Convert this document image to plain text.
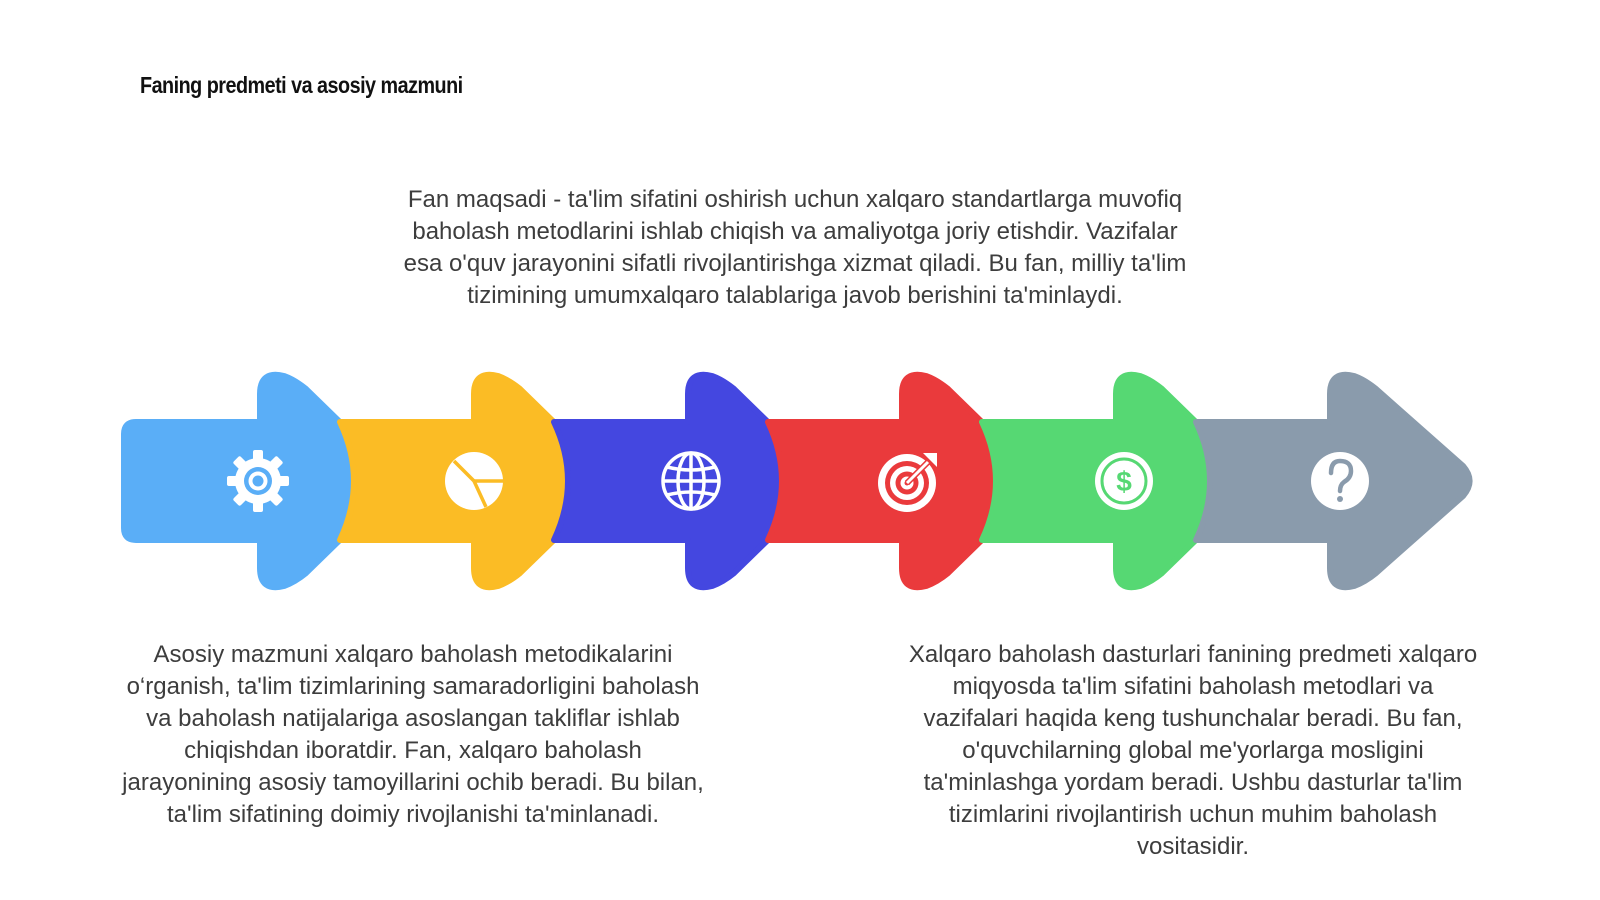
Faning predmeti va asosiy mazmuni

Fan maqsadi - ta'lim sifatini oshirish uchun xalqaro standartlarga muvofiq baholash metodlarini ishlab chiqish va amaliyotga joriy etishdir. Vazifalar esa o'quv jarayonini sifatli rivojlantirishga xizmat qiladi. Bu fan, milliy ta'lim tizimining umumxalqaro talablariga javob berishini ta'minlaydi.

$

Asosiy mazmuni xalqaro baholash metodikalarini o‘rganish, ta'lim tizimlarining samaradorligini baholash va baholash natijalariga asoslangan takliflar ishlab chiqishdan iboratdir. Fan, xalqaro baholash jarayonining asosiy tamoyillarini ochib beradi. Bu bilan, ta'lim sifatining doimiy rivojlanishi ta'minlanadi.

Xalqaro baholash dasturlari fanining predmeti xalqaro miqyosda ta'lim sifatini baholash metodlari va vazifalari haqida keng tushunchalar beradi. Bu fan, o'quvchilarning global me'yorlarga mosligini ta'minlashga yordam beradi. Ushbu dasturlar ta'lim tizimlarini rivojlantirish uchun muhim baholash vositasidir.
